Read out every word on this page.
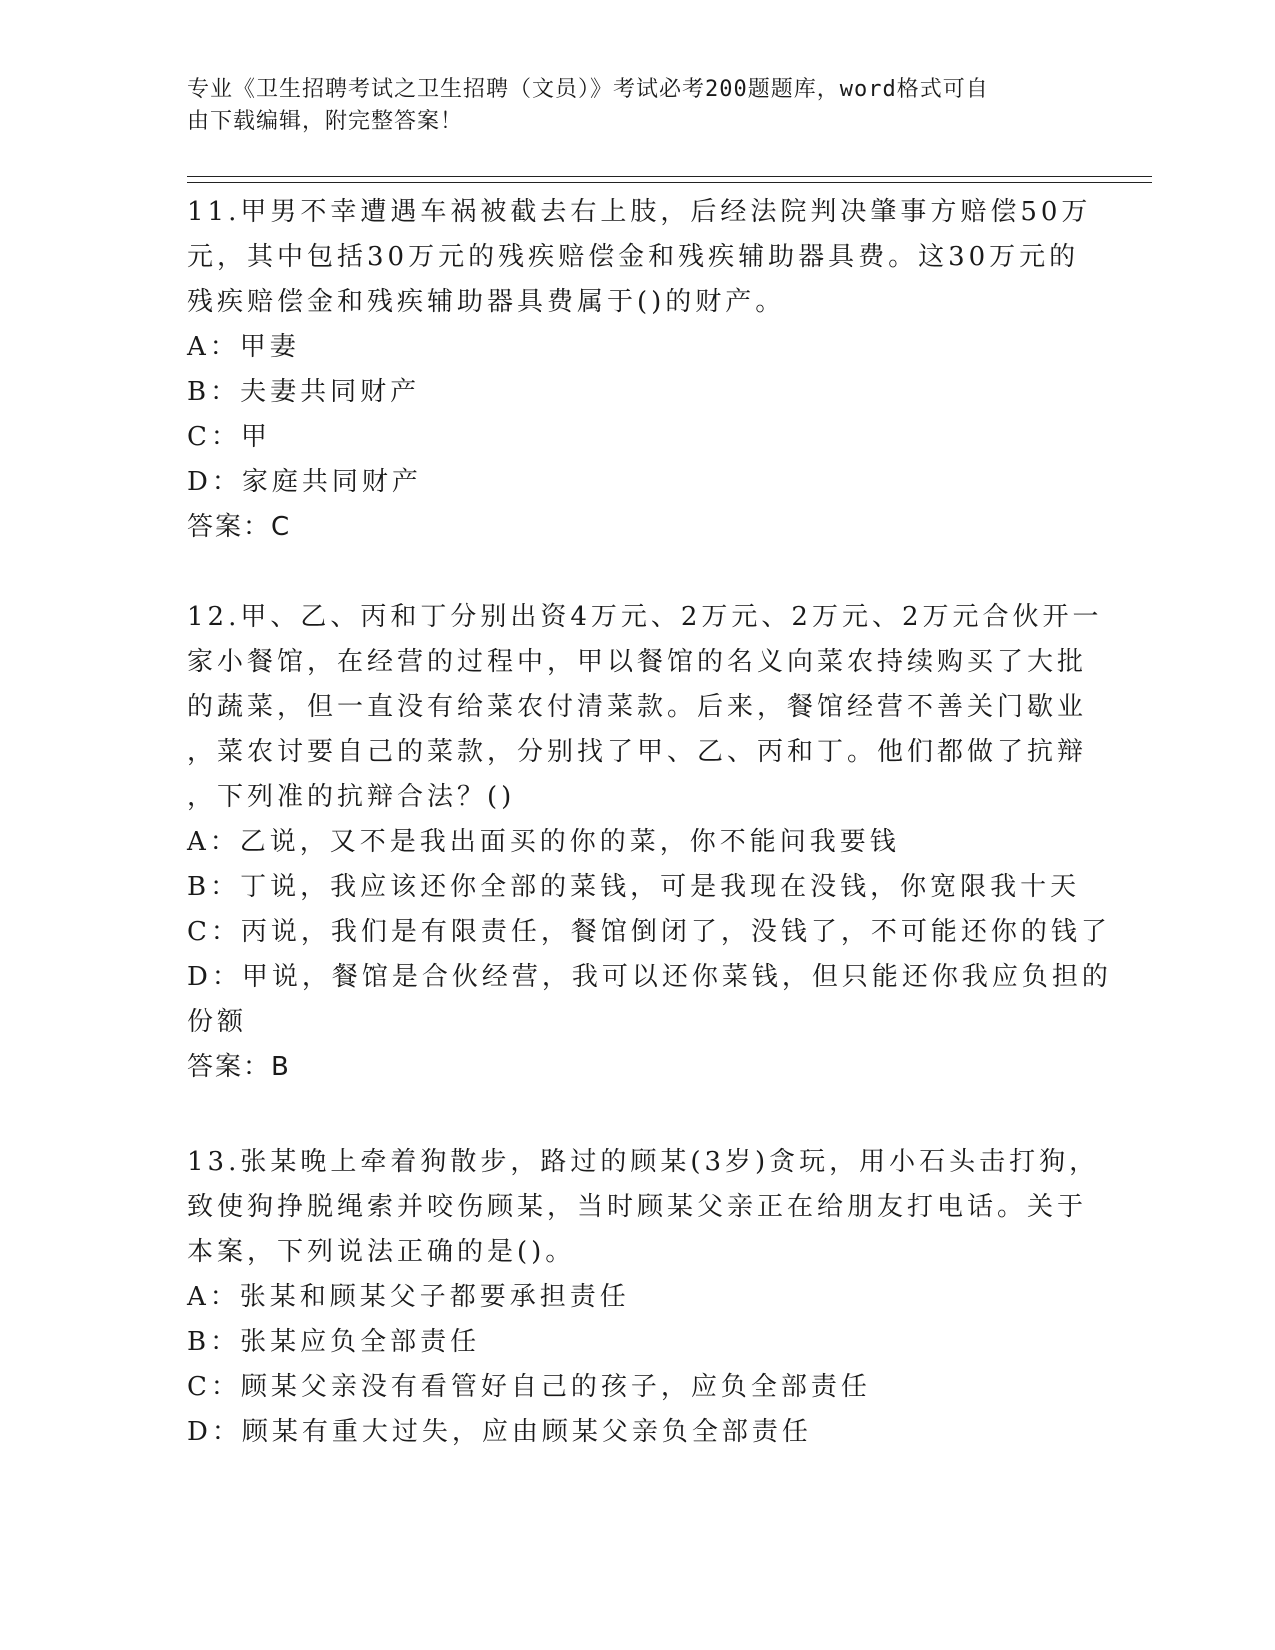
专业《卫生招聘考试之卫生招聘（文员）》考试必考200题题库，word格式可自
由下载编辑，附完整答案！
11.甲男不幸遭遇车祸被截去右上肢，后经法院判决肇事方赔偿50万
元，其中包括30万元的残疾赔偿金和残疾辅助器具费。这30万元的
残疾赔偿金和残疾辅助器具费属于()的财产。
A：甲妻
B：夫妻共同财产
C：甲
D：家庭共同财产
答案：C
12.甲、乙、丙和丁分别出资4万元、2万元、2万元、2万元合伙开一
家小餐馆，在经营的过程中，甲以餐馆的名义向菜农持续购买了大批
的蔬菜，但一直没有给菜农付清菜款。后来，餐馆经营不善关门歇业
，菜农讨要自己的菜款，分别找了甲、乙、丙和丁。他们都做了抗辩
，下列准的抗辩合法？()
A：乙说，又不是我出面买的你的菜，你不能问我要钱
B：丁说，我应该还你全部的菜钱，可是我现在没钱，你宽限我十天
C：丙说，我们是有限责任，餐馆倒闭了，没钱了，不可能还你的钱了
D：甲说，餐馆是合伙经营，我可以还你菜钱，但只能还你我应负担的
份额
答案：B
13.张某晚上牵着狗散步，路过的顾某(3岁)贪玩，用小石头击打狗，
致使狗挣脱绳索并咬伤顾某，当时顾某父亲正在给朋友打电话。关于
本案，下列说法正确的是()。
A：张某和顾某父子都要承担责任
B：张某应负全部责任
C：顾某父亲没有看管好自己的孩子，应负全部责任
D：顾某有重大过失，应由顾某父亲负全部责任
